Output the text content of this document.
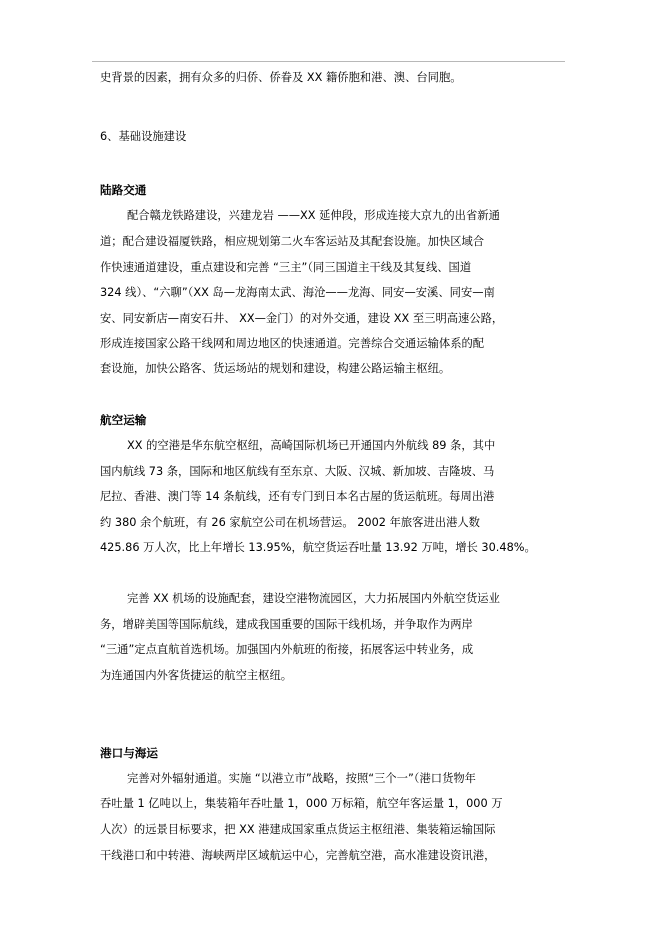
史背景的因素，拥有众多的归侨、侨眷及 XX 籍侨胞和港、澳、台同胞。
6、基础设施建设
陆路交通
配合赣龙铁路建设，兴建龙岩 ——XX 延伸段，形成连接大京九的出省新通
道；配合建设福厦铁路，相应规划第二火车客运站及其配套设施。加快区域合
作快速通道建设，重点建设和完善 “三主”（同三国道主干线及其复线、国道
324 线）、“六聊”（XX 岛—龙海南太武、海沧——龙海、同安—安溪、同安—南
安、同安新店—南安石井、 XX—金门）的对外交通，建设 XX 至三明高速公路，
形成连接国家公路干线网和周边地区的快速通道。完善综合交通运输体系的配
套设施，加快公路客、货运场站的规划和建设，构建公路运输主枢纽。
航空运输
XX 的空港是华东航空枢纽，高崎国际机场已开通国内外航线 89 条，其中
国内航线 73 条，国际和地区航线有至东京、大阪、汉城、新加坡、吉隆坡、马
尼拉、香港、澳门等 14 条航线，还有专门到日本名古屋的货运航班。每周出港
约 380 余个航班，有 26 家航空公司在机场营运。 2002 年旅客进出港人数
425.86 万人次，比上年增长 13.95%，航空货运吞吐量 13.92 万吨，增长 30.48%。
完善 XX 机场的设施配套，建设空港物流园区，大力拓展国内外航空货运业
务，增辟美国等国际航线，建成我国重要的国际干线机场，并争取作为两岸
“三通”定点直航首选机场。加强国内外航班的衔接，拓展客运中转业务，成
为连通国内外客货捷运的航空主枢纽。
港口与海运
完善对外辐射通道。实施 “以港立市”战略，按照“三个一”（港口货物年
吞吐量 1 亿吨以上，集装箱年吞吐量 1，000 万标箱，航空年客运量 1，000 万
人次）的远景目标要求，把 XX 港建成国家重点货运主枢纽港、集装箱运输国际
干线港口和中转港、海峡两岸区域航运中心，完善航空港，高水准建设资讯港，
